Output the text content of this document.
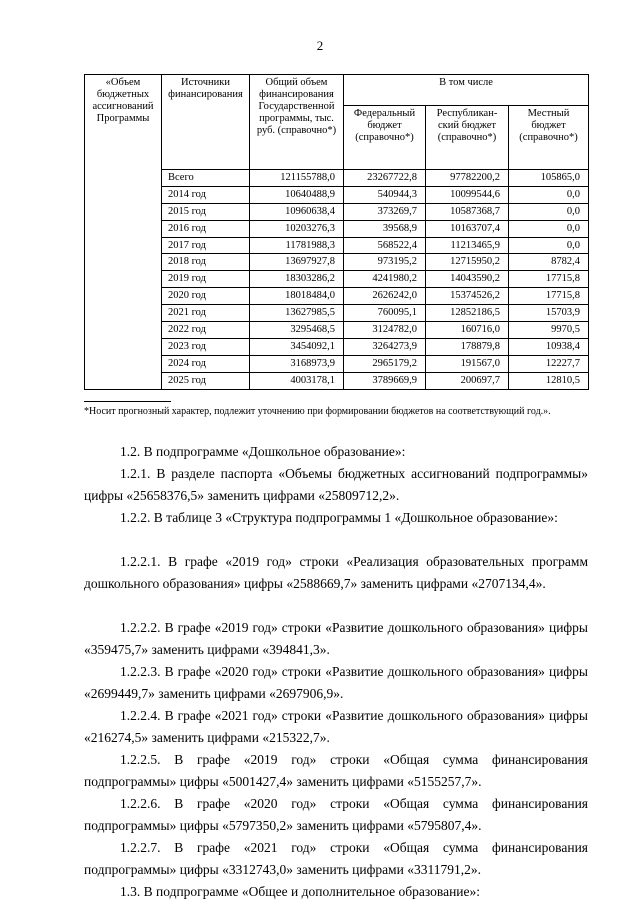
2
«Объем бюджетных ассигнований Программы	Источники финансирования	Общий объем финансирования Государственной программы, тыс. руб. (справочно*)	В том числе		
			Федеральный бюджет (справочно*)	Республиканский бюджет (справочно*)	Местный бюджет (справочно*)
	Всего	121155788,0	23267722,8	97782200,2	105865,0
	2014 год	10640488,9	540944,3	10099544,6	0,0
	2015 год	10960638,4	373269,7	10587368,7	0,0
	2016 год	10203276,3	39568,9	10163707,4	0,0
	2017 год	11781988,3	568522,4	11213465,9	0,0
	2018 год	13697927,8	973195,2	12715950,2	8782,4
	2019 год	18303286,2	4241980,2	14043590,2	17715,8
	2020 год	18018484,0	2626242,0	15374526,2	17715,8
	2021 год	13627985,5	760095,1	12852186,5	15703,9
	2022 год	3295468,5	3124782,0	160716,0	9970,5
	2023 год	3454092,1	3264273,9	178879,8	10938,4
	2024 год	3168973,9	2965179,2	191567,0	12227,7
	2025 год	4003178,1	3789669,9	200697,7	12810,5
*Носит прогнозный характер, подлежит уточнению при формировании бюджетов на соответствующий год.».
1.2. В подпрограмме «Дошкольное образование»:
1.2.1. В разделе паспорта «Объемы бюджетных ассигнований подпрограммы» цифры «25658376,5» заменить цифрами «25809712,2».
1.2.2. В таблице 3 «Структура подпрограммы 1 «Дошкольное образование»:
1.2.2.1. В графе «2019 год» строки «Реализация образовательных программ дошкольного образования» цифры «2588669,7» заменить цифрами «2707134,4».
1.2.2.2. В графе «2019 год» строки «Развитие дошкольного образования» цифры «359475,7» заменить цифрами «394841,3».
1.2.2.3. В графе «2020 год» строки «Развитие дошкольного образования» цифры «2699449,7» заменить цифрами «2697906,9».
1.2.2.4. В графе «2021 год» строки «Развитие дошкольного образования» цифры «216274,5» заменить цифрами «215322,7».
1.2.2.5. В графе «2019 год» строки «Общая сумма финансирования подпрограммы» цифры «5001427,4» заменить цифрами «5155257,7».
1.2.2.6. В графе «2020 год» строки «Общая сумма финансирования подпрограммы» цифры «5797350,2» заменить цифрами «5795807,4».
1.2.2.7. В графе «2021 год» строки «Общая сумма финансирования подпрограммы» цифры «3312743,0» заменить цифрами «3311791,2».
1.3. В подпрограмме «Общее и дополнительное образование»:
